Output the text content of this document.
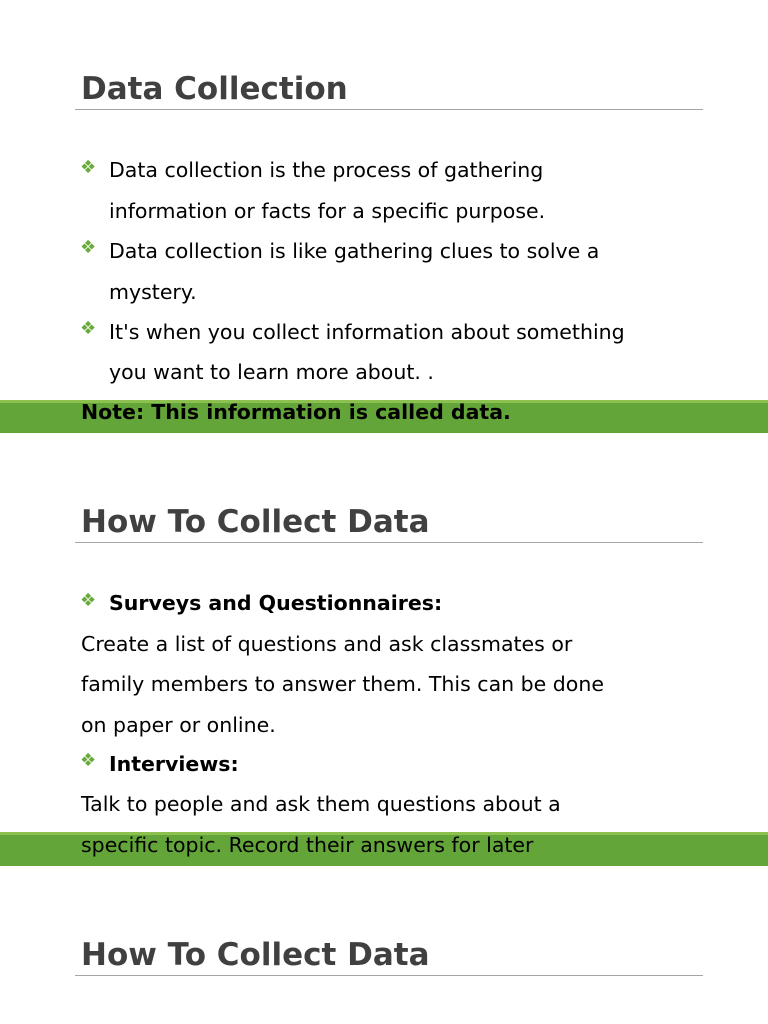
Data Collection
❖ Data collection is the process of gathering
information or facts for a specific purpose.
❖ Data collection is like gathering clues to solve a
mystery.
❖ It's when you collect information about something
you want to learn more about. .
Note: This information is called data.
How To Collect Data
❖ Surveys and Questionnaires:
Create a list of questions and ask classmates or
family members to answer them. This can be done
on paper or online.
❖ Interviews:
Talk to people and ask them questions about a
specific topic. Record their answers for later
How To Collect Data
